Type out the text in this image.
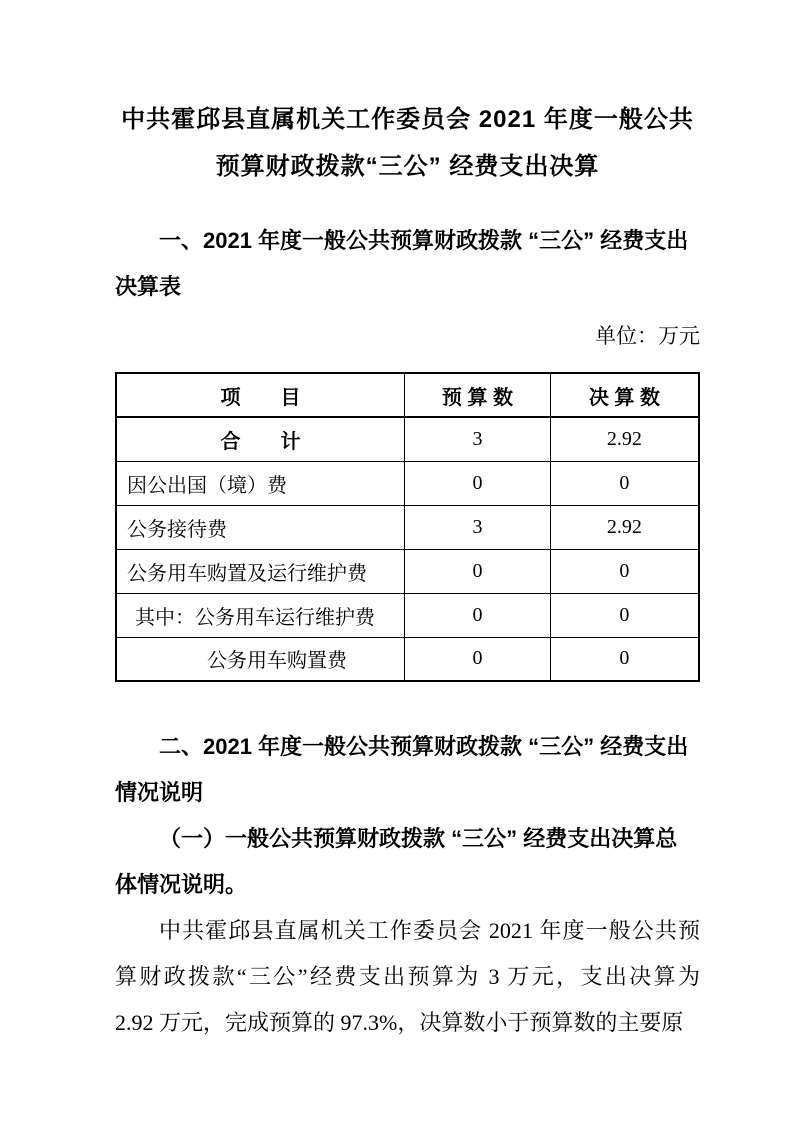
中共霍邱县直属机关工作委员会 2021 年度一般公共
预算财政拨款“三公” 经费支出决算
一、2021 年度一般公共预算财政拨款 “三公” 经费支出
决算表
单位：万元
项　　目	预 算 数	决 算 数
合　　计	3	2.92
因公出国（境）费	0	0
公务接待费	3	2.92
公务用车购置及运行维护费	0	0
其中：公务用车运行维护费	0	0
公务用车购置费	0	0
二、2021 年度一般公共预算财政拨款 “三公” 经费支出
情况说明
（一）一般公共预算财政拨款 “三公” 经费支出决算总
体情况说明。
中共霍邱县直属机关工作委员会 2021 年度一般公共预
算财政拨款“三公”经费支出预算为 3 万元，支出决算为
2.92 万元，完成预算的 97.3%，决算数小于预算数的主要原
